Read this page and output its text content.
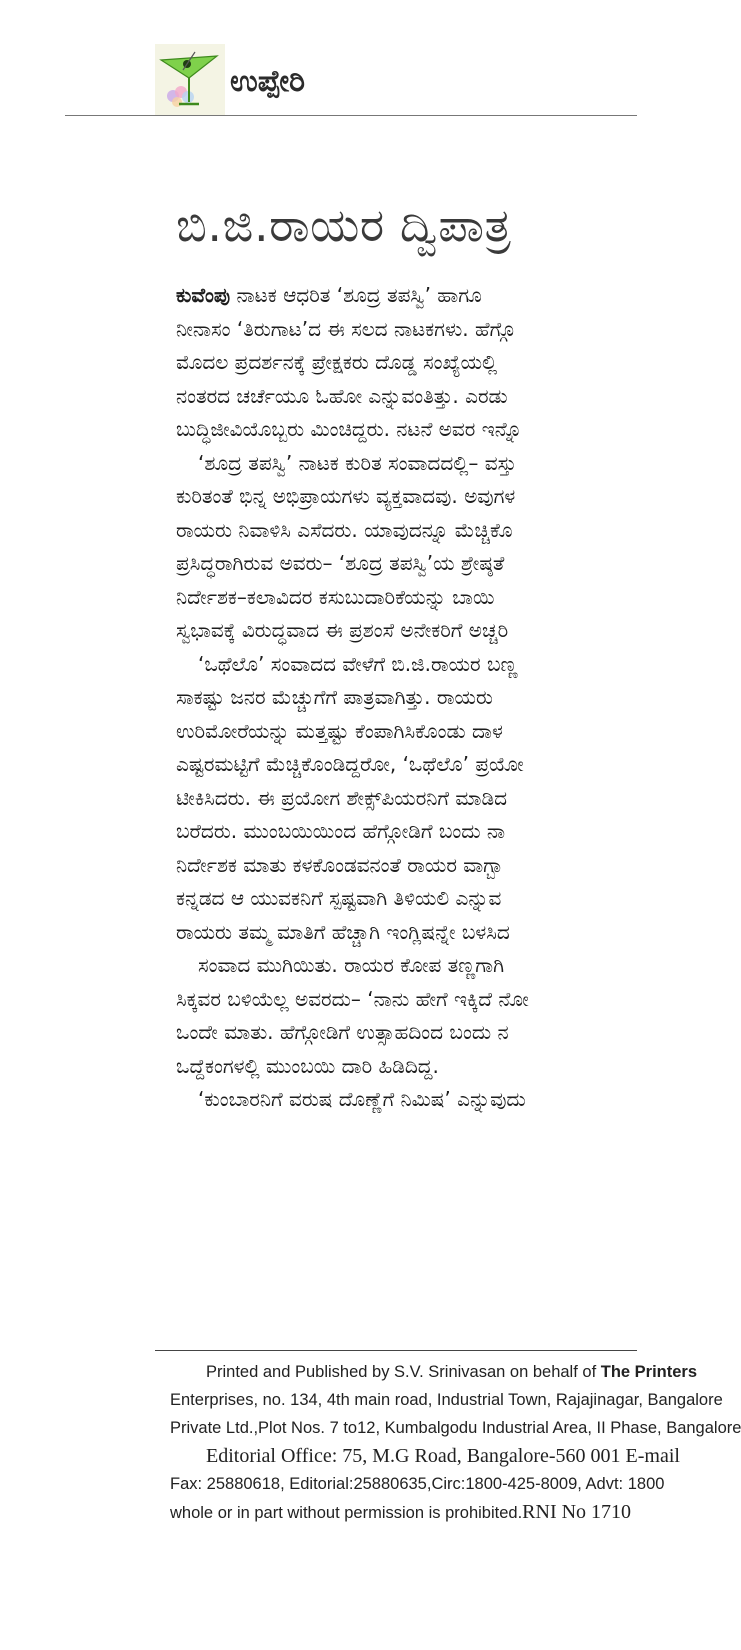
ಉಪ್ಪೇರಿ
ಬಿ.ಜಿ.ರಾಯರ ದ್ವಿಪಾತ್ರ
ಕುವೆಂಪು ನಾಟಕ ಆಧರಿತ ‘ಶೂದ್ರ ತಪಸ್ವಿ’ ಹಾಗೂ
ನೀನಾಸಂ ‘ತಿರುಗಾಟ’ದ ಈ ಸಲದ ನಾಟಕಗಳು. ಹೆಗ್ಗೊ
ಮೊದಲ ಪ್ರದರ್ಶನಕ್ಕೆ ಪ್ರೇಕ್ಷಕರು ದೊಡ್ಡ ಸಂಖ್ಯೆಯಲ್ಲಿ
ನಂತರದ ಚರ್ಚೆಯೂ ಓಹೋ ಎನ್ನುವಂತಿತ್ತು. ಎರಡು
ಬುದ್ಧಿಜೀವಿಯೊಬ್ಬರು ಮಿಂಚಿದ್ದರು. ನಟನೆ ಅವರ ಇನ್ನೊ
‘ಶೂದ್ರ ತಪಸ್ವಿ’ ನಾಟಕ ಕುರಿತ ಸಂವಾದದಲ್ಲಿ– ವಸ್ತು
ಕುರಿತಂತೆ ಭಿನ್ನ ಅಭಿಪ್ರಾಯಗಳು ವ್ಯಕ್ತವಾದವು. ಅವುಗಳ
ರಾಯರು ನಿವಾಳಿಸಿ ಎಸೆದರು. ಯಾವುದನ್ನೂ ಮೆಚ್ಚಿಕೊ
ಪ್ರಸಿದ್ಧರಾಗಿರುವ ಅವರು– ‘ಶೂದ್ರ ತಪಸ್ವಿ’ಯ ಶ್ರೇಷ್ಠತೆ
ನಿರ್ದೇಶಕ–ಕಲಾವಿದರ ಕಸುಬುದಾರಿಕೆಯನ್ನು ಬಾಯಿ
ಸ್ವಭಾವಕ್ಕೆ ವಿರುದ್ಧವಾದ ಈ ಪ್ರಶಂಸೆ ಅನೇಕರಿಗೆ ಅಚ್ಚರಿ
‘ಒಥೆಲೊ’ ಸಂವಾದದ ವೇಳೆಗೆ ಬಿ.ಜಿ.ರಾಯರ ಬಣ್ಣ
ಸಾಕಷ್ಟು ಜನರ ಮೆಚ್ಚುಗೆಗೆ ಪಾತ್ರವಾಗಿತ್ತು. ರಾಯರು
ಉರಿಮೋರೆಯನ್ನು ಮತ್ತಷ್ಟು ಕೆಂಪಾಗಿಸಿಕೊಂಡು ದಾಳ
ಎಷ್ಟರಮಟ್ಟಿಗೆ ಮೆಚ್ಚಿಕೊಂಡಿದ್ದರೋ, ‘ಒಥೆಲೊ’ ಪ್ರಯೋ
ಟೀಕಿಸಿದರು. ಈ ಪ್ರಯೋಗ ಶೇಕ್ಸ್‌ಪಿಯರನಿಗೆ ಮಾಡಿದ
ಬರೆದರು. ಮುಂಬಯಿಯಿಂದ ಹೆಗ್ಗೋಡಿಗೆ ಬಂದು ನಾ
ನಿರ್ದೇಶಕ ಮಾತು ಕಳಕೊಂಡವನಂತೆ ರಾಯರ ವಾಗ್ಬಾ
ಕನ್ನಡದ ಆ ಯುವಕನಿಗೆ ಸ್ಪಷ್ಟವಾಗಿ ತಿಳಿಯಲಿ ಎನ್ನುವ
ರಾಯರು ತಮ್ಮ ಮಾತಿಗೆ ಹೆಚ್ಚಾಗಿ ಇಂಗ್ಲಿಷನ್ನೇ ಬಳಸಿದ
ಸಂವಾದ ಮುಗಿಯಿತು. ರಾಯರ ಕೋಪ ತಣ್ಣಗಾಗಿ
ಸಿಕ್ಕವರ ಬಳಿಯೆಲ್ಲ ಅವರದು– ‘ನಾನು ಹೇಗೆ ಇಕ್ಕಿದೆ ನೋ
ಒಂದೇ ಮಾತು. ಹೆಗ್ಗೋಡಿಗೆ ಉತ್ಸಾಹದಿಂದ ಬಂದು ನ
ಒದ್ದೆಕಂಗಳಲ್ಲಿ ಮುಂಬಯಿ ದಾರಿ ಹಿಡಿದಿದ್ದ.
‘ಕುಂಬಾರನಿಗೆ ವರುಷ ದೊಣ್ಣೆಗೆ ನಿಮಿಷ’ ಎನ್ನುವುದು
Printed and Published by S.V. Srinivasan on behalf of The Printers
Enterprises, no. 134, 4th main road, Industrial Town, Rajajinagar, Bangalore
Private Ltd.,Plot Nos. 7 to12, Kumbalgodu Industrial Area, II Phase, Bangalore
Editorial Office: 75, M.G Road, Bangalore-560 001 E-mail
Fax: 25880618, Editorial:25880635,Circ:1800-425-8009, Advt: 1800
whole or in part without permission is prohibited.RNI No 1710
